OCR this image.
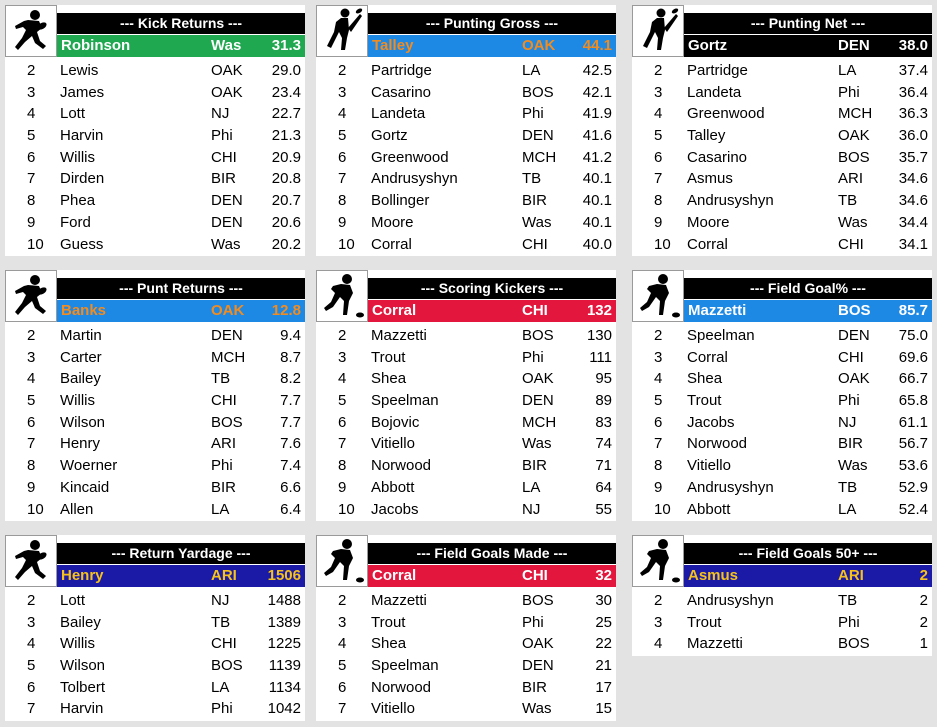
--- Kick Returns ---
Robinson	Was 31.3
2 Lewis	OAK 29.0
3 James	OAK 23.4
4 Lott	NJ	22.7
5 Harvin	Phi	21.3
6 Willis	CHI 20.9
7 Dirden	BIR 20.8
8 Phea	DEN 20.7
9 Ford	DEN 20.6
10 Guess	Was 20.2
--- Punting Gross ---
Talley	OAK 44.1
2 Partridge	LA	42.5
3 Casarino	BOS 42.1
4 Landeta	Phi	41.9
5 Gortz	DEN 41.6
6 Greenwood	MCH 41.2
7 Andrusyshyn	TB	40.1
8 Bollinger	BIR 40.1
9 Moore	Was 40.1
10 Corral	CHI 40.0
--- Punting Net ---
Gortz	DEN 38.0
2 Partridge	LA	37.4
3 Landeta	Phi	36.4
4 Greenwood	MCH 36.3
5 Talley	OAK 36.0
6 Casarino	BOS 35.7
7 Asmus	ARI 34.6
8 Andrusyshyn	TB	34.6
9 Moore	Was 34.4
10 Corral	CHI 34.1
--- Punt Returns ---
Banks	OAK 12.8
2 Martin	DEN 9.4
3 Carter	MCH 8.7
4 Bailey	TB	8.2
5 Willis	CHI	7.7
6 Wilson	BOS 7.7
7 Henry	ARI	7.6
8 Woerner	Phi	7.4
9 Kincaid	BIR	6.6
10 Allen	LA	6.4
--- Scoring Kickers ---
Corral	CHI	132
2 Mazzetti	BOS 130
3 Trout	Phi	111
4 Shea	OAK	95
5 Speelman	DEN	89
6 Bojovic	MCH	83
7 Vitiello	Was	74
8 Norwood	BIR	71
9 Abbott	LA	64
10 Jacobs	NJ	55
--- Field Goal% ---
Mazzetti	BOS 85.7
2 Speelman	DEN 75.0
3 Corral	CHI 69.6
4 Shea	OAK 66.7
5 Trout	Phi	65.8
6 Jacobs	NJ	61.1
7 Norwood	BIR 56.7
8 Vitiello	Was 53.6
9 Andrusyshyn	TB	52.9
10 Abbott	LA	52.4
--- Return Yardage ---
Henry	ARI 1506
2 Lott	NJ	1488
3 Bailey	TB 1389
4 Willis	CHI 1225
5 Wilson	BOS 1139
6 Tolbert	LA	1134
7 Harvin	Phi 1042
--- Field Goals Made ---
Corral	CHI	32
2 Mazzetti	BOS	30
3 Trout	Phi	25
4 Shea	OAK	22
5 Speelman	DEN	21
6 Norwood	BIR	17
7 Vitiello	Was	15
--- Field Goals 50+ ---
Asmus	ARI	2
2 Andrusyshyn	TB	2
3 Trout	Phi	2
4 Mazzetti	BOS	1
